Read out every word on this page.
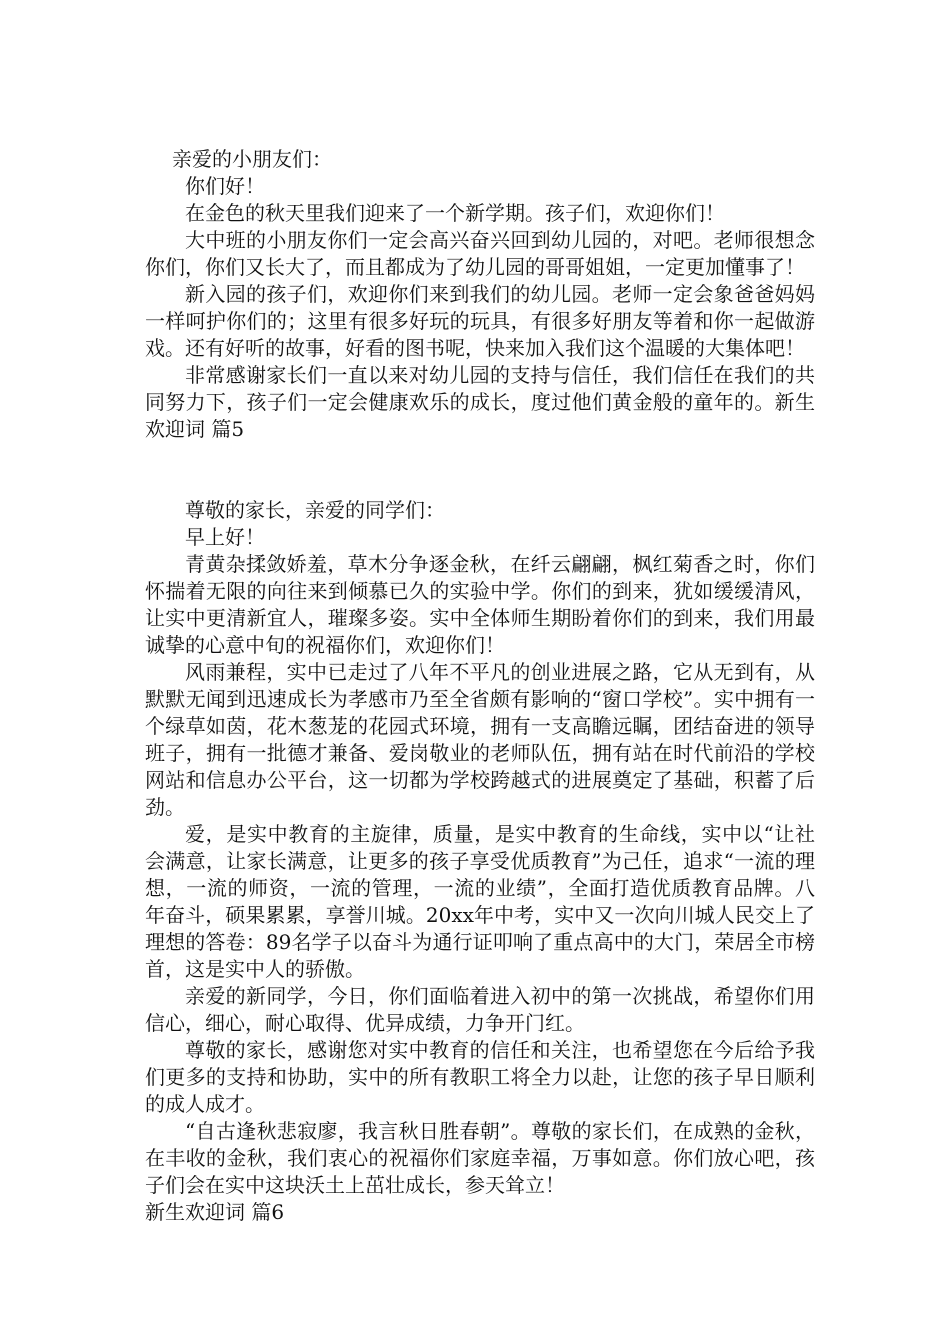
亲爱的小朋友们：

你们好！

在金色的秋天里我们迎来了一个新学期。孩子们，欢迎你们！

大中班的小朋友你们一定会高兴奋兴回到幼儿园的，对吧。老师很想念你们，你们又长大了，而且都成为了幼儿园的哥哥姐姐，一定更加懂事了！

新入园的孩子们，欢迎你们来到我们的幼儿园。老师一定会象爸爸妈妈一样呵护你们的；这里有很多好玩的玩具，有很多好朋友等着和你一起做游戏。还有好听的故事，好看的图书呢，快来加入我们这个温暖的大集体吧！

非常感谢家长们一直以来对幼儿园的支持与信任，我们信任在我们的共同努力下，孩子们一定会健康欢乐的成长，度过他们黄金般的童年的。新生欢迎词 篇5

尊敬的家长，亲爱的同学们：

早上好！

青黄杂揉敛娇羞，草木分争逐金秋，在纤云翩翩，枫红菊香之时，你们怀揣着无限的向往来到倾慕已久的实验中学。你们的到来，犹如缓缓清风，让实中更清新宜人，璀璨多姿。实中全体师生期盼着你们的到来，我们用最诚挚的心意中旬的祝福你们，欢迎你们！

风雨兼程，实中已走过了八年不平凡的创业进展之路，它从无到有，从默默无闻到迅速成长为孝感市乃至全省颇有影响的“窗口学校”。实中拥有一个绿草如茵，花木葱茏的花园式环境，拥有一支高瞻远瞩，团结奋进的领导班子，拥有一批德才兼备、爱岗敬业的老师队伍，拥有站在时代前沿的学校网站和信息办公平台，这一切都为学校跨越式的进展奠定了基础，积蓄了后劲。

爱，是实中教育的主旋律，质量，是实中教育的生命线，实中以“让社会满意，让家长满意，让更多的孩子享受优质教育”为己任，追求“一流的理想，一流的师资，一流的管理，一流的业绩”，全面打造优质教育品牌。八年奋斗，硕果累累，享誉川城。20xx年中考，实中又一次向川城人民交上了理想的答卷：89名学子以奋斗为通行证叩响了重点高中的大门，荣居全市榜首，这是实中人的骄傲。

亲爱的新同学，今日，你们面临着进入初中的第一次挑战，希望你们用信心，细心，耐心取得、优异成绩，力争开门红。

尊敬的家长，感谢您对实中教育的信任和关注，也希望您在今后给予我们更多的支持和协助，实中的所有教职工将全力以赴，让您的孩子早日顺利的成人成才。

“自古逢秋悲寂廖，我言秋日胜春朝”。尊敬的家长们，在成熟的金秋，在丰收的金秋，我们衷心的祝福你们家庭幸福，万事如意。你们放心吧，孩子们会在实中这块沃土上茁壮成长，参天耸立！

新生欢迎词 篇6
